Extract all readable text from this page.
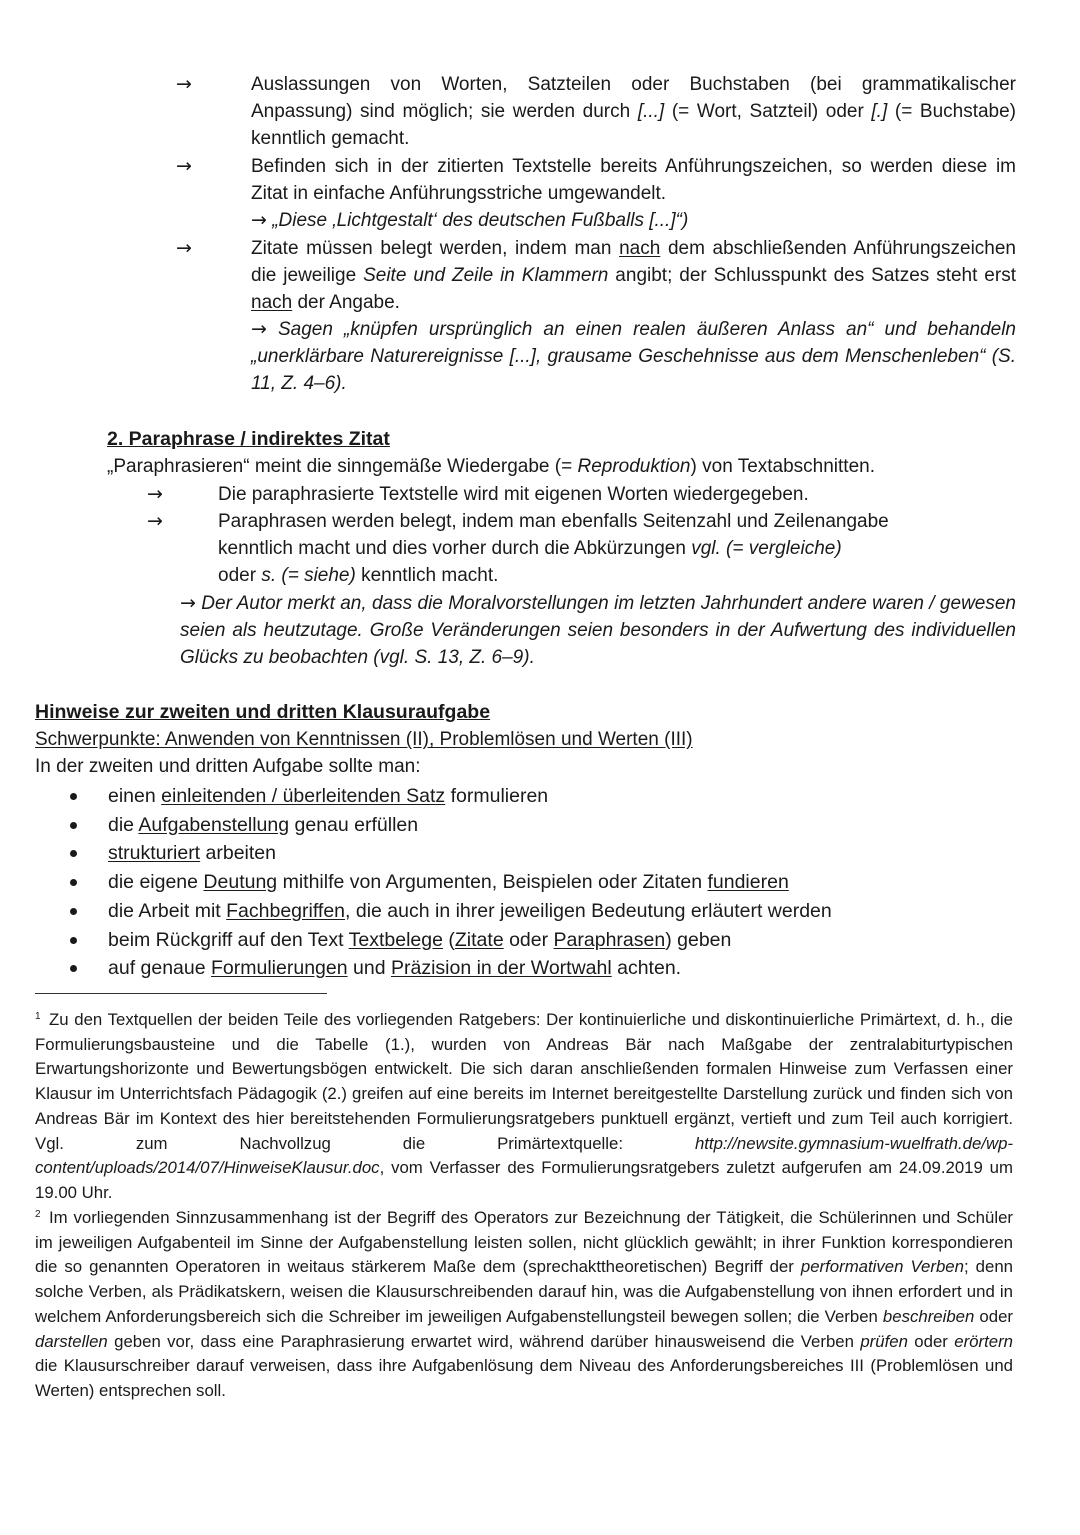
→	Auslassungen von Worten, Satzteilen oder Buchstaben (bei grammatikalischer Anpassung) sind möglich; sie werden durch [...] (= Wort, Satzteil) oder [.] (= Buchstabe) kenntlich gemacht.

→	Befinden sich in der zitierten Textstelle bereits Anführungszeichen, so werden diese im Zitat in einfache Anführungsstriche umgewandelt.

→ „Diese ‚Lichtgestalt‘ des deutschen Fußballs [...]“)

→	Zitate müssen belegt werden, indem man nach dem abschließenden Anführungszeichen die jeweilige Seite und Zeile in Klammern angibt; der Schlusspunkt des Satzes steht erst nach der Angabe.

→ Sagen „knüpfen ursprünglich an einen realen äußeren Anlass an“ und behandeln „unerklärbare Naturereignisse [...], grausame Geschehnisse aus dem Menschenleben“ (S. 11, Z. 4–6).

2. Paraphrase / indirektes Zitat

„Paraphrasieren“ meint die sinngemäße Wiedergabe (= Reproduktion) von Textabschnitten.

→	Die paraphrasierte Textstelle wird mit eigenen Worten wiedergegeben.

→	Paraphrasen werden belegt, indem man ebenfalls Seitenzahl und Zeilenangabe kenntlich macht und dies vorher durch die Abkürzungen vgl. (= vergleiche)
oder s. (= siehe) kenntlich macht.

→ Der Autor merkt an, dass die Moralvorstellungen im letzten Jahrhundert andere waren / gewesen seien als heutzutage. Große Veränderungen seien besonders in der Aufwertung des individuellen Glücks zu beobachten (vgl. S. 13, Z. 6–9).

Hinweise zur zweiten und dritten Klausuraufgabe

Schwerpunkte: Anwenden von Kenntnissen (II), Problemlösen und Werten (III)

In der zweiten und dritten Aufgabe sollte man:

einen einleitenden / überleitenden Satz formulieren
die Aufgabenstellung genau erfüllen
strukturiert arbeiten
die eigene Deutung mithilfe von Argumenten, Beispielen oder Zitaten fundieren
die Arbeit mit Fachbegriffen, die auch in ihrer jeweiligen Bedeutung erläutert werden
beim Rückgriff auf den Text Textbelege (Zitate oder Paraphrasen) geben
auf genaue Formulierungen und Präzision in der Wortwahl achten.

$^1$ Zu den Textquellen der beiden Teile des vorliegenden Ratgebers: Der kontinuierliche und diskontinuierliche Primärtext, d. h., die Formulierungsbausteine und die Tabelle (1.), wurden von Andreas Bär nach Maßgabe der zentralabiturtypischen Erwartungshorizonte und Bewertungsbögen entwickelt. Die sich daran anschließenden formalen Hinweise zum Verfassen einer Klausur im Unterrichtsfach Pädagogik (2.) greifen auf eine bereits im Internet bereitgestellte Darstellung zurück und finden sich von Andreas Bär im Kontext des hier bereitstehenden Formulierungsratgebers punktuell ergänzt, vertieft und zum Teil auch korrigiert. Vgl. zum Nachvollzug die Primärtextquelle: http://newsite.gymnasium-wuelfrath.de/wp-content/uploads/2014/07/HinweiseKlausur.doc, vom Verfasser des Formulierungsratgebers zuletzt aufgerufen am 24.09.2019 um 19.00 Uhr.

$^2$ Im vorliegenden Sinnzusammenhang ist der Begriff des Operators zur Bezeichnung der Tätigkeit, die Schülerinnen und Schüler im jeweiligen Aufgabenteil im Sinne der Aufgabenstellung leisten sollen, nicht glücklich gewählt; in ihrer Funktion korrespondieren die so genannten Operatoren in weitaus stärkerem Maße dem (sprechakttheoretischen) Begriff der performativen Verben; denn solche Verben, als Prädikatskern, weisen die Klausurschreibenden darauf hin, was die Aufgabenstellung von ihnen erfordert und in welchem Anforderungsbereich sich die Schreiber im jeweiligen Aufgabenstellungsteil bewegen sollen; die Verben beschreiben oder darstellen geben vor, dass eine Paraphrasierung erwartet wird, während darüber hinausweisend die Verben prüfen oder erörtern die Klausurschreiber darauf verweisen, dass ihre Aufgabenlösung dem Niveau des Anforderungsbereiches III (Problemlösen und Werten) entsprechen soll.
